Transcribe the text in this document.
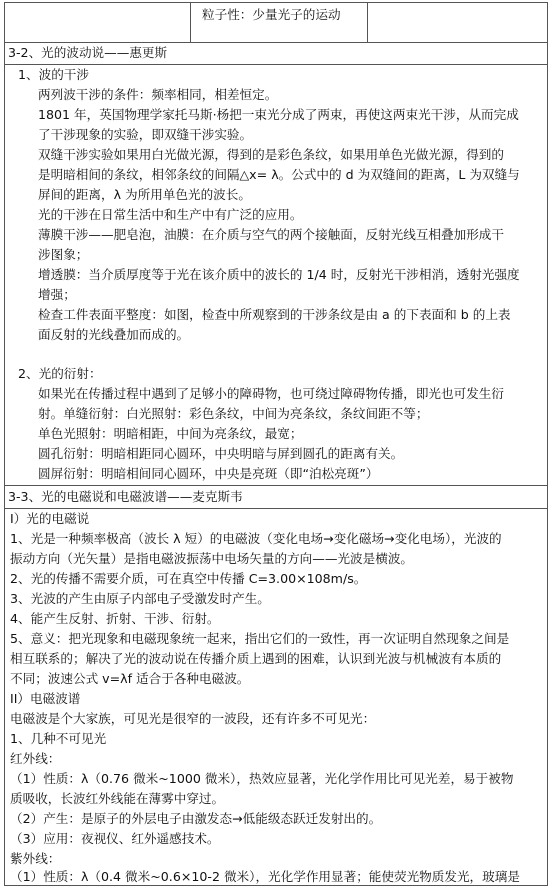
粒子性：少量光子的运动
3-2、光的波动说——惠更斯
1、波的干涉
两列波干涉的条件：频率相同，相差恒定。
1801 年，英国物理学家托马斯·杨把一束光分成了两束，再使这两束光干涉，从而完成
了干涉现象的实验，即双缝干涉实验。
双缝干涉实验如果用白光做光源，得到的是彩色条纹，如果用单色光做光源，得到的
是明暗相间的条纹，相邻条纹的间隔△x= λ。公式中的 d 为双缝间的距离，L 为双缝与
屏间的距离，λ 为所用单色光的波长。
光的干涉在日常生活中和生产中有广泛的应用。
薄膜干涉——肥皂泡，油膜：在介质与空气的两个接触面，反射光线互相叠加形成干
涉图象；
增透膜：当介质厚度等于光在该介质中的波长的 1/4 时，反射光干涉相消，透射光强度
增强；
检查工件表面平整度：如图，检查中所观察到的干涉条纹是由 a 的下表面和 b 的上表
面反射的光线叠加而成的。
2、光的衍射：
如果光在传播过程中遇到了足够小的障碍物，也可绕过障碍物传播，即光也可发生衍
射。单缝衍射：白光照射：彩色条纹，中间为亮条纹，条纹间距不等；
单色光照射：明暗相距，中间为亮条纹，最宽；
圆孔衍射：明暗相距同心圆环，中央明暗与屏到圆孔的距离有关。
圆屏衍射：明暗相间同心圆环，中央是亮斑（即“泊松亮斑”）
3-3、光的电磁说和电磁波谱——麦克斯韦
I）光的电磁说
1、光是一种频率极高（波长 λ 短）的电磁波（变化电场→变化磁场→变化电场），光波的
振动方向（光矢量）是指电磁波振荡中电场矢量的方向——光波是横波。
2、光的传播不需要介质，可在真空中传播 C=3.00×108m/s。
3、光波的产生由原子内部电子受激发时产生。
4、能产生反射、折射、干涉、衍射。
5、意义：把光现象和电磁现象统一起来，指出它们的一致性，再一次证明自然现象之间是
相互联系的；解决了光的波动说在传播介质上遇到的困难，认识到光波与机械波有本质的
不同；波速公式 v=λf 适合于各种电磁波。
II）电磁波谱
电磁波是个大家族，可见光是很窄的一波段，还有许多不可见光：
1、几种不可见光
红外线：
（1）性质：λ（0.76 微米~1000 微米），热效应显著，光化学作用比可见光差，易于被物
质吸收，长波红外线能在薄雾中穿过。
（2）产生：是原子的外层电子由激发态→低能级态跃迁发射出的。
（3）应用：夜视仪、红外遥感技术。
紫外线：
（1）性质：λ（0.4 微米~0.6×10-2 微米），光化学作用显著；能使荧光物质发光，玻璃是
